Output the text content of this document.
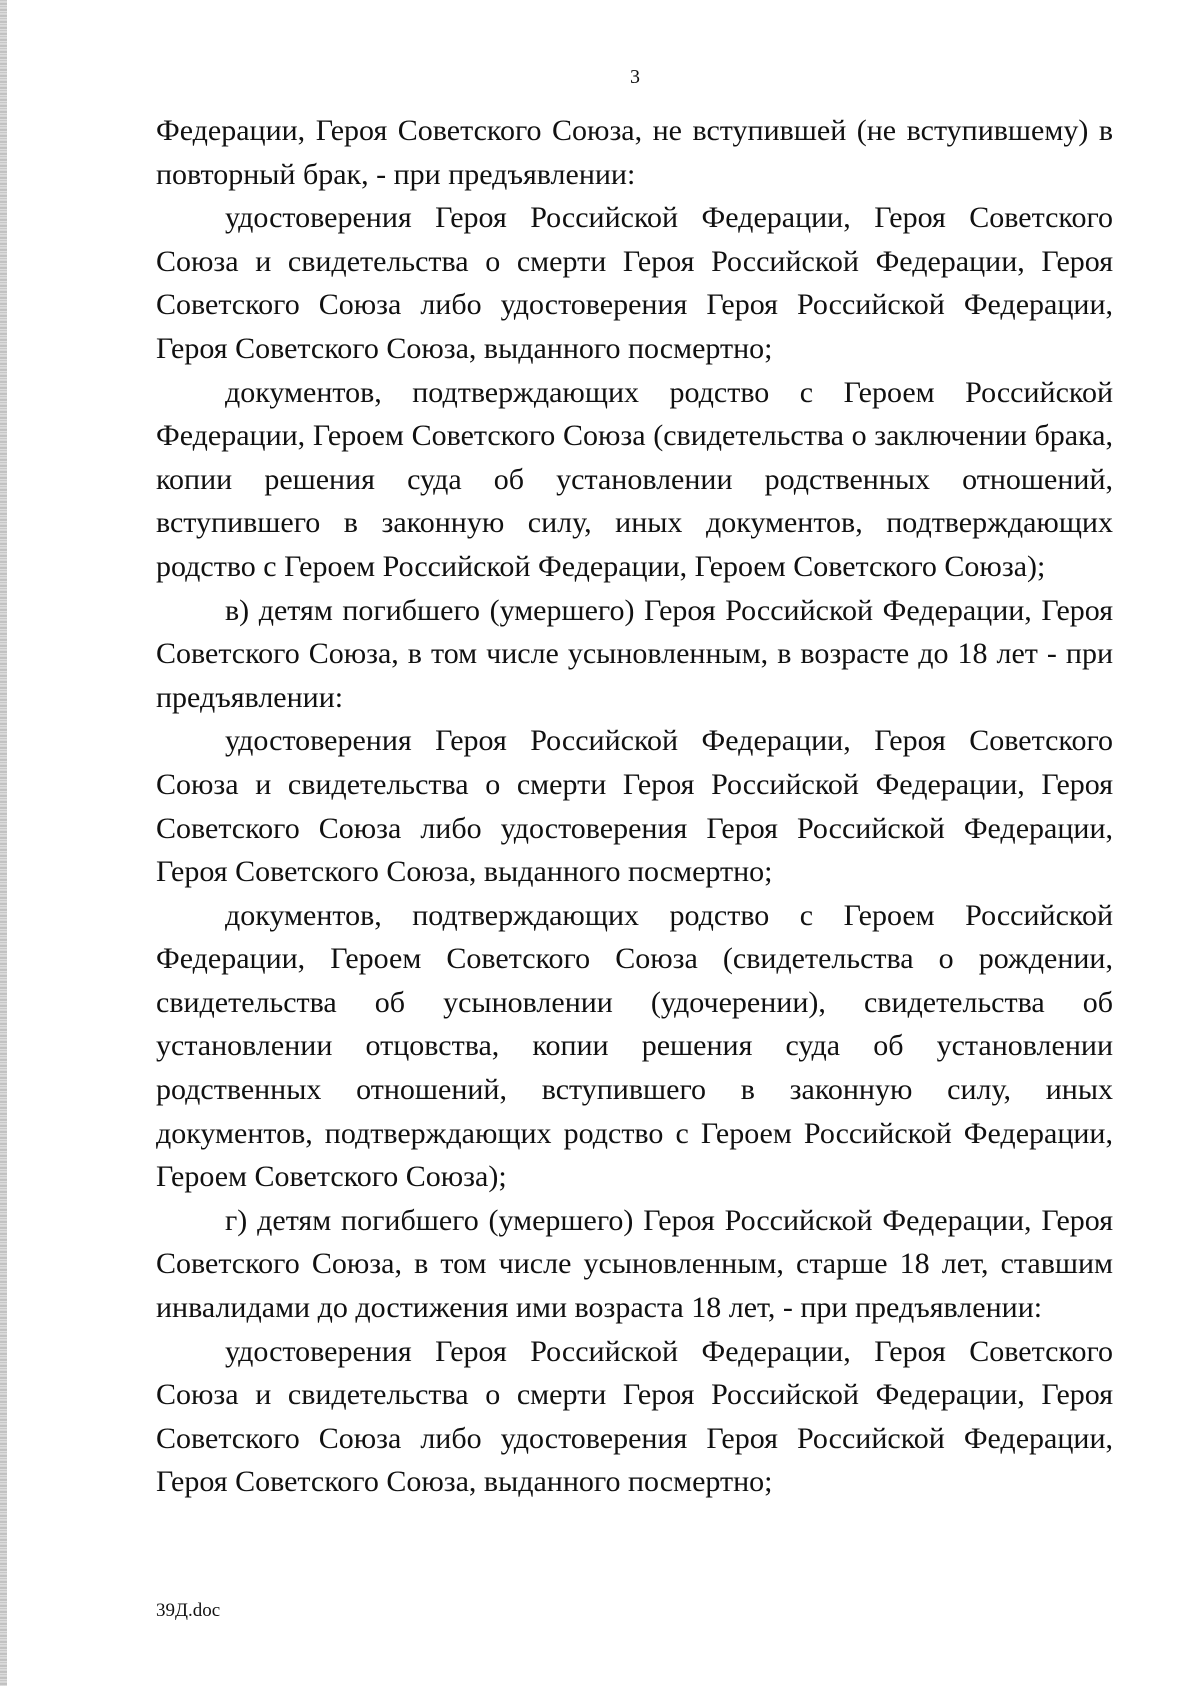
3

Федерации, Героя Советского Союза, не вступившей (не вступившему) в повторный брак, - при предъявлении:

удостоверения Героя Российской Федерации, Героя Советского Союза и свидетельства о смерти Героя Российской Федерации, Героя Советского Союза либо удостоверения Героя Российской Федерации, Героя Советского Союза, выданного посмертно;

документов, подтверждающих родство с Героем Российской Федерации, Героем Советского Союза (свидетельства о заключении брака, копии решения суда об установлении родственных отношений, вступившего в законную силу, иных документов, подтверждающих родство с Героем Российской Федерации, Героем Советского Союза);

в) детям погибшего (умершего) Героя Российской Федерации, Героя Советского Союза, в том числе усыновленным, в возрасте до 18 лет - при предъявлении:

удостоверения Героя Российской Федерации, Героя Советского Союза и свидетельства о смерти Героя Российской Федерации, Героя Советского Союза либо удостоверения Героя Российской Федерации, Героя Советского Союза, выданного посмертно;

документов, подтверждающих родство с Героем Российской Федерации, Героем Советского Союза (свидетельства о рождении, свидетельства об усыновлении (удочерении), свидетельства об установлении отцовства, копии решения суда об установлении родственных отношений, вступившего в законную силу, иных документов, подтверждающих родство с Героем Российской Федерации, Героем Советского Союза);

г) детям погибшего (умершего) Героя Российской Федерации, Героя Советского Союза, в том числе усыновленным, старше 18 лет, ставшим инвалидами до достижения ими возраста 18 лет, - при предъявлении:

удостоверения Героя Российской Федерации, Героя Советского Союза и свидетельства о смерти Героя Российской Федерации, Героя Советского Союза либо удостоверения Героя Российской Федерации, Героя Советского Союза, выданного посмертно;

39Д.doc
